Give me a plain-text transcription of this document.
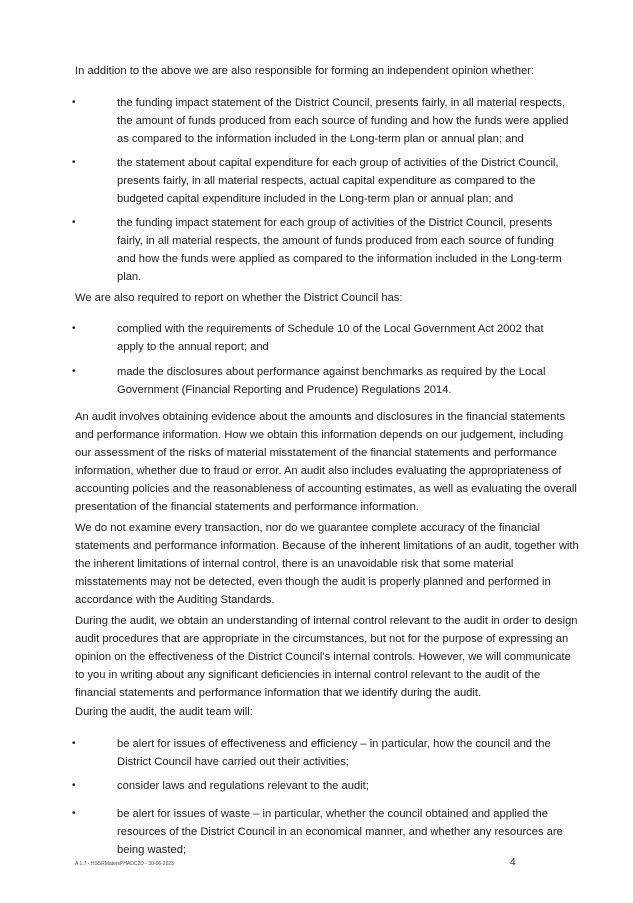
In addition to the above we are also responsible for forming an independent opinion whether:

•	the funding impact statement of the District Council, presents fairly, in all material respects, the amount of funds produced from each source of funding and how the funds were applied as compared to the information included in the Long-term plan or annual plan; and

•	the statement about capital expenditure for each group of activities of the District Council, presents fairly, in all material respects, actual capital expenditure as compared to the budgeted capital expenditure included in the Long-term plan or annual plan; and

•	the funding impact statement for each group of activities of the District Council, presents fairly, in all material respects, the amount of funds produced from each source of funding and how the funds were applied as compared to the information included in the Long-term plan.

We are also required to report on whether the District Council has:

•	complied with the requirements of Schedule 10 of the Local Government Act 2002 that apply to the annual report; and

•	made the disclosures about performance against benchmarks as required by the Local Government (Financial Reporting and Prudence) Regulations 2014.

An audit involves obtaining evidence about the amounts and disclosures in the financial statements and performance information. How we obtain this information depends on our judgement, including our assessment of the risks of material misstatement of the financial statements and performance information, whether due to fraud or error. An audit also includes evaluating the appropriateness of accounting policies and the reasonableness of accounting estimates, as well as evaluating the overall presentation of the financial statements and performance information.

We do not examine every transaction, nor do we guarantee complete accuracy of the financial statements and performance information. Because of the inherent limitations of an audit, together with the inherent limitations of internal control, there is an unavoidable risk that some material misstatements may not be detected, even though the audit is properly planned and performed in accordance with the Auditing Standards.

During the audit, we obtain an understanding of internal control relevant to the audit in order to design audit procedures that are appropriate in the circumstances, but not for the purpose of expressing an opinion on the effectiveness of the District Council’s internal controls. However, we will communicate to you in writing about any significant deficiencies in internal control relevant to the audit of the financial statements and performance information that we identify during the audit.

During the audit, the audit team will:

•	be alert for issues of effectiveness and efficiency – in particular, how the council and the District Council have carried out their activities;

•	consider laws and regulations relevant to the audit;

•	be alert for issues of waste – in particular, whether the council obtained and applied the resources of the District Council in an economical manner, and whether any resources are being wasted;

A 1.7 - HSSRMatersPHADC2D - 30-06-2023	4
